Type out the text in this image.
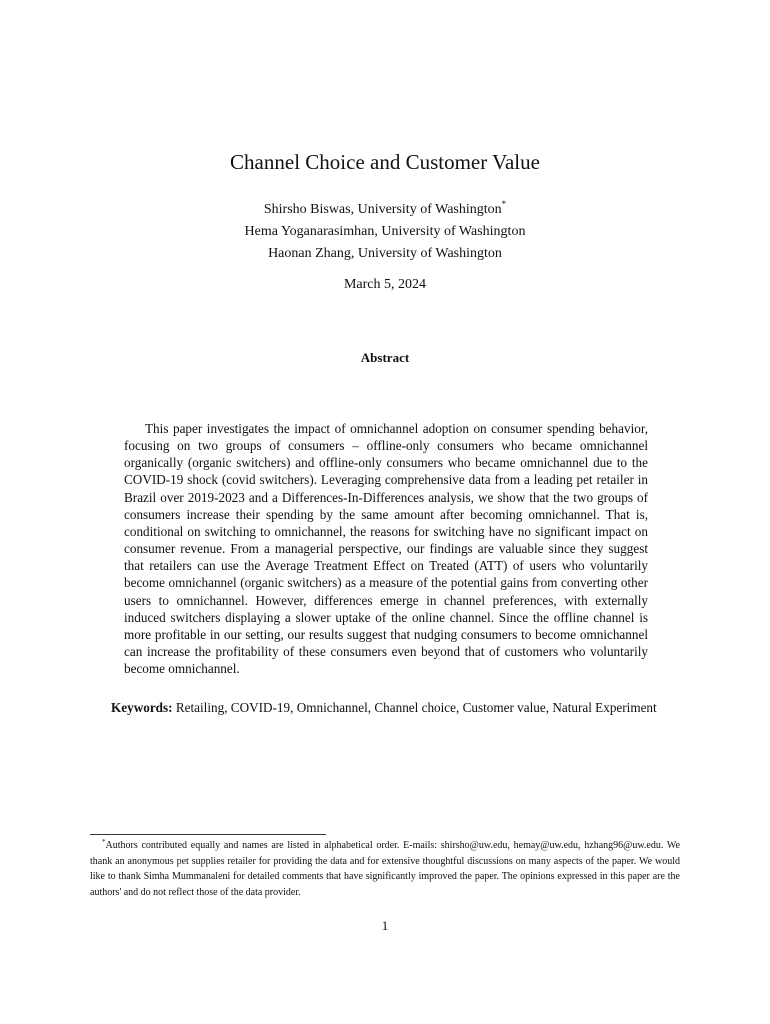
Channel Choice and Customer Value
Shirsho Biswas, University of Washington*
Hema Yoganarasimhan, University of Washington
Haonan Zhang, University of Washington
March 5, 2024
Abstract

This paper investigates the impact of omnichannel adoption on consumer spending behavior, focusing on two groups of consumers – offline-only consumers who became omnichannel organically (organic switchers) and offline-only consumers who became omnichannel due to the COVID-19 shock (covid switchers). Leveraging comprehensive data from a leading pet retailer in Brazil over 2019-2023 and a Differences-In-Differences analysis, we show that the two groups of consumers increase their spending by the same amount after becoming omnichannel. That is, conditional on switching to omnichannel, the reasons for switching have no significant impact on consumer revenue. From a managerial perspective, our findings are valuable since they suggest that retailers can use the Average Treatment Effect on Treated (ATT) of users who voluntarily become omnichannel (organic switchers) as a measure of the potential gains from converting other users to omnichannel. However, differences emerge in channel preferences, with externally induced switchers displaying a slower uptake of the online channel. Since the offline channel is more profitable in our setting, our results suggest that nudging consumers to become omnichannel can increase the profitability of these consumers even beyond that of customers who voluntarily become omnichannel.

Keywords: Retailing, COVID-19, Omnichannel, Channel choice, Customer value, Natural Experiment

*Authors contributed equally and names are listed in alphabetical order. E-mails: shirsho@uw.edu, hemay@uw.edu, hzhang96@uw.edu. We thank an anonymous pet supplies retailer for providing the data and for extensive thoughtful discussions on many aspects of the paper. We would like to thank Simha Mummanaleni for detailed comments that have significantly improved the paper. The opinions expressed in this paper are the authors' and do not reflect those of the data provider.

1
